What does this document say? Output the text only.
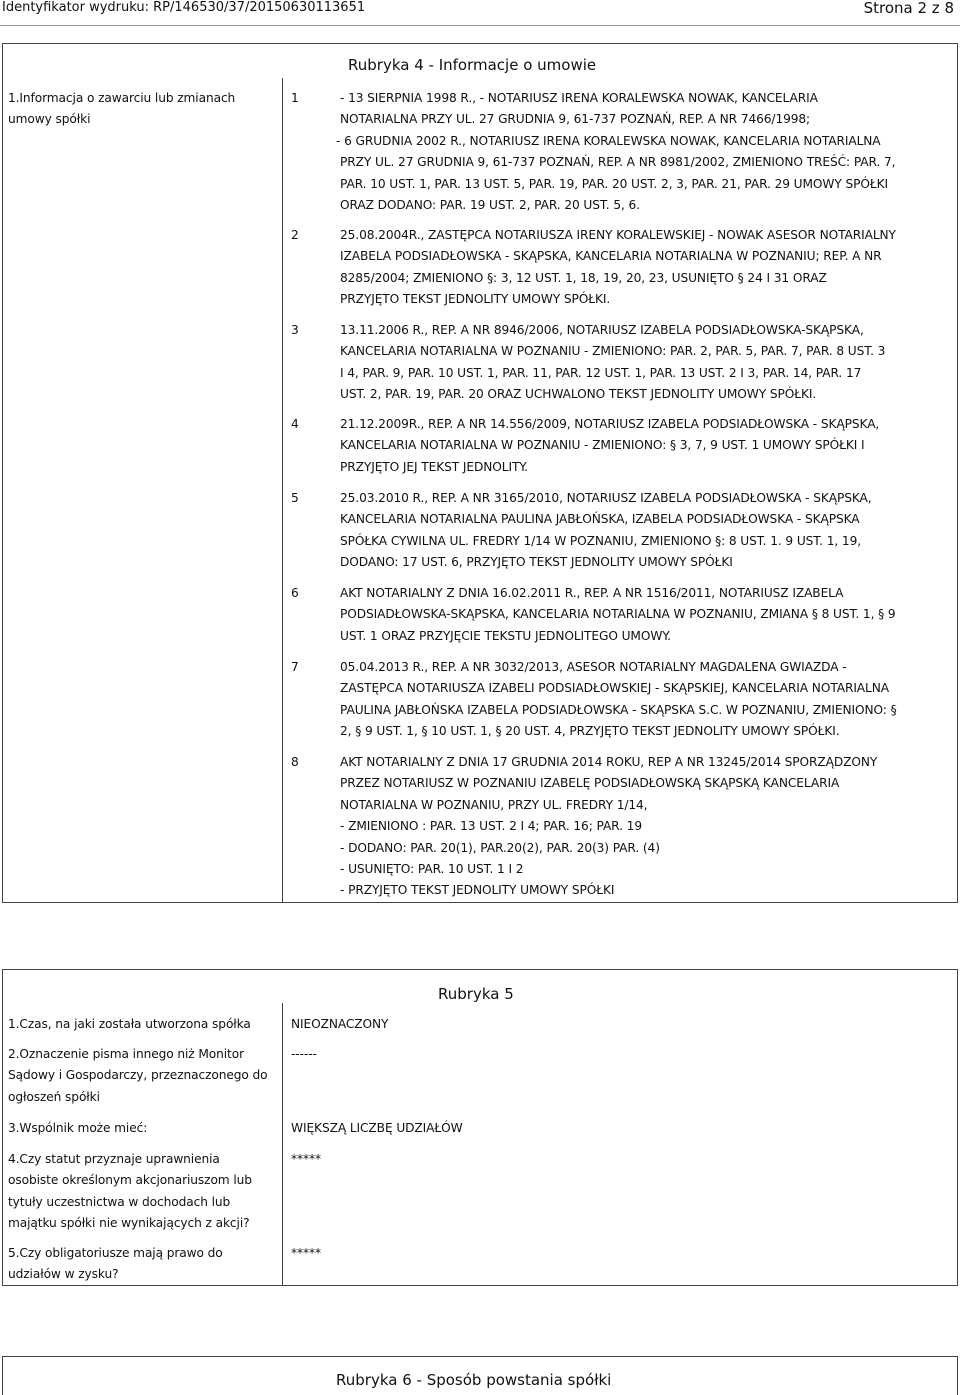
Identyfikator wydruku: RP/146530/37/20150630113651	Strona 2 z 8
Rubryka 4 - Informacje o umowie
1.Informacja o zawarciu lub zmianach
umowy spółki
1	- 13 SIERPNIA 1998 R., - NOTARIUSZ IRENA KORALEWSKA NOWAK, KANCELARIA
NOTARIALNA PRZY UL. 27 GRUDNIA 9, 61-737 POZNAŃ, REP. A NR 7466/1998;
- 6 GRUDNIA 2002 R., NOTARIUSZ IRENA KORALEWSKA NOWAK, KANCELARIA NOTARIALNA
PRZY UL. 27 GRUDNIA 9, 61-737 POZNAŃ, REP. A NR 8981/2002, ZMIENIONO TREŚĆ: PAR. 7,
PAR. 10 UST. 1, PAR. 13 UST. 5, PAR. 19, PAR. 20 UST. 2, 3, PAR. 21, PAR. 29 UMOWY SPÓŁKI
ORAZ DODANO: PAR. 19 UST. 2, PAR. 20 UST. 5, 6.
2	25.08.2004R., ZASTĘPCA NOTARIUSZA IRENY KORALEWSKIEJ - NOWAK ASESOR NOTARIALNY
IZABELA PODSIADŁOWSKA - SKĄPSKA, KANCELARIA NOTARIALNA W POZNANIU; REP. A NR
8285/2004; ZMIENIONO §: 3, 12 UST. 1, 18, 19, 20, 23, USUNIĘTO § 24 I 31 ORAZ
PRZYJĘTO TEKST JEDNOLITY UMOWY SPÓŁKI.
3	13.11.2006 R., REP. A NR 8946/2006, NOTARIUSZ IZABELA PODSIADŁOWSKA-SKĄPSKA,
KANCELARIA NOTARIALNA W POZNANIU - ZMIENIONO: PAR. 2, PAR. 5, PAR. 7, PAR. 8 UST. 3
I 4, PAR. 9, PAR. 10 UST. 1, PAR. 11, PAR. 12 UST. 1, PAR. 13 UST. 2 I 3, PAR. 14, PAR. 17
UST. 2, PAR. 19, PAR. 20 ORAZ UCHWALONO TEKST JEDNOLITY UMOWY SPÓŁKI.
4	21.12.2009R., REP. A NR 14.556/2009, NOTARIUSZ IZABELA PODSIADŁOWSKA - SKĄPSKA,
KANCELARIA NOTARIALNA W POZNANIU - ZMIENIONO: § 3, 7, 9 UST. 1 UMOWY SPÓŁKI I
PRZYJĘTO JEJ TEKST JEDNOLITY.
5	25.03.2010 R., REP. A NR 3165/2010, NOTARIUSZ IZABELA PODSIADŁOWSKA - SKĄPSKA,
KANCELARIA NOTARIALNA PAULINA JABŁOŃSKA, IZABELA PODSIADŁOWSKA - SKĄPSKA
SPÓŁKA CYWILNA UL. FREDRY 1/14 W POZNANIU, ZMIENIONO §: 8 UST. 1. 9 UST. 1, 19,
DODANO: 17 UST. 6, PRZYJĘTO TEKST JEDNOLITY UMOWY SPÓŁKI
6	AKT NOTARIALNY Z DNIA 16.02.2011 R., REP. A NR 1516/2011, NOTARIUSZ IZABELA
PODSIADŁOWSKA-SKĄPSKA, KANCELARIA NOTARIALNA W POZNANIU, ZMIANA § 8 UST. 1, § 9
UST. 1 ORAZ PRZYJĘCIE TEKSTU JEDNOLITEGO UMOWY.
7	05.04.2013 R., REP. A NR 3032/2013, ASESOR NOTARIALNY MAGDALENA GWIAZDA -
ZASTĘPCA NOTARIUSZA IZABELI PODSIADŁOWSKIEJ - SKĄPSKIEJ, KANCELARIA NOTARIALNA
PAULINA JABŁOŃSKA IZABELA PODSIADŁOWSKA - SKĄPSKA S.C. W POZNANIU, ZMIENIONO: §
2, § 9 UST. 1, § 10 UST. 1, § 20 UST. 4, PRZYJĘTO TEKST JEDNOLITY UMOWY SPÓŁKI.
8	AKT NOTARIALNY Z DNIA 17 GRUDNIA 2014 ROKU, REP A NR 13245/2014 SPORZĄDZONY
PRZEZ NOTARIUSZ W POZNANIU IZABELĘ PODSIADŁOWSKĄ SKĄPSKĄ KANCELARIA
NOTARIALNA W POZNANIU, PRZY UL. FREDRY 1/14,
- ZMIENIONO : PAR. 13 UST. 2 I 4; PAR. 16; PAR. 19
- DODANO: PAR. 20(1), PAR.20(2), PAR. 20(3) PAR. (4)
- USUNIĘTO: PAR. 10 UST. 1 I 2
- PRZYJĘTO TEKST JEDNOLITY UMOWY SPÓŁKI
Rubryka 5
1.Czas, na jaki została utworzona spółka	NIEOZNACZONY
2.Oznaczenie pisma innego niż Monitor
Sądowy i Gospodarczy, przeznaczonego do
ogłoszeń spółki
------
3.Wspólnik może mieć:	WIĘKSZĄ LICZBĘ UDZIAŁÓW
4.Czy statut przyznaje uprawnienia
osobiste określonym akcjonariuszom lub
tytuły uczestnictwa w dochodach lub
majątku spółki nie wynikających z akcji?
*****
5.Czy obligatoriusze mają prawo do
udziałów w zysku?
*****
Rubryka 6 - Sposób powstania spółki
